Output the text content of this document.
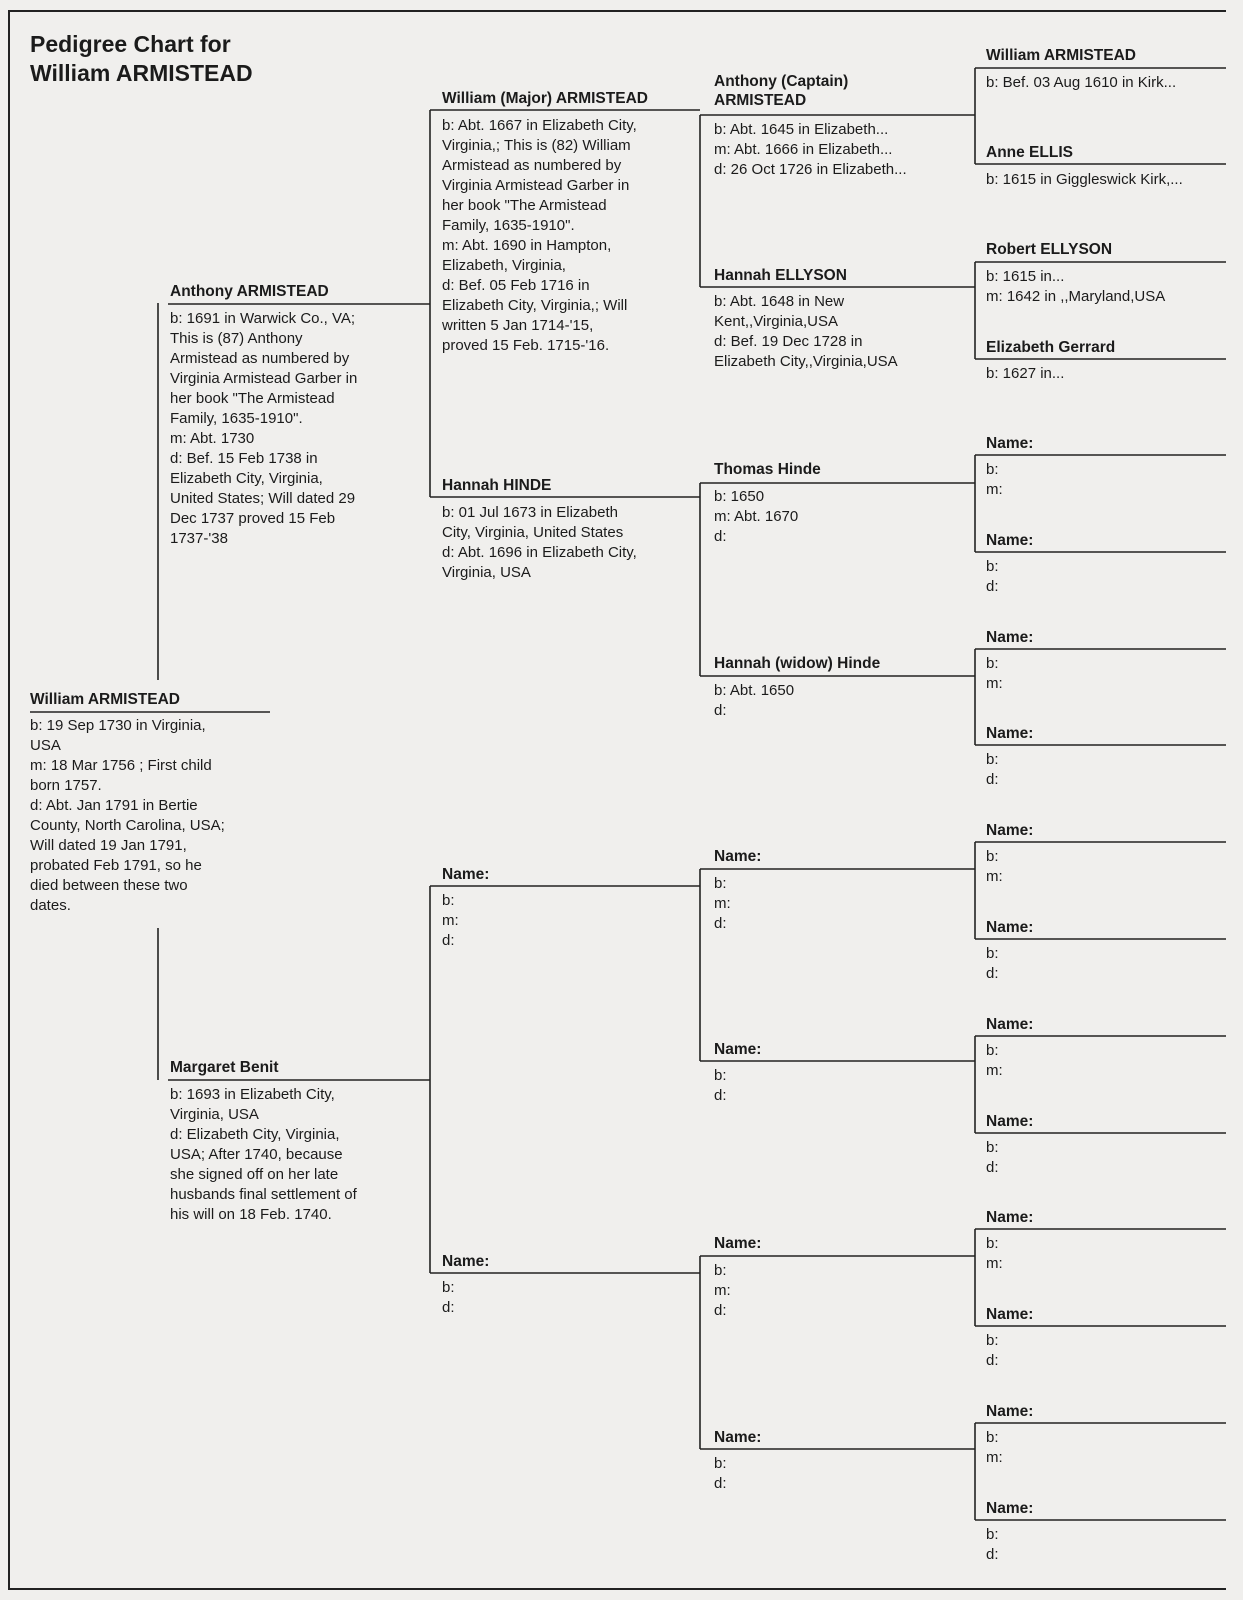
Pedigree Chart for
William ARMISTEAD
William ARMISTEAD
b: 19 Sep 1730 in Virginia,
USA
m: 18 Mar 1756 ; First child
born 1757.
d: Abt. Jan 1791 in Bertie
County, North Carolina, USA;
Will dated 19 Jan 1791,
probated Feb 1791, so he
died between these two
dates.
Anthony ARMISTEAD
b: 1691 in Warwick Co., VA;
This is (87) Anthony
Armistead as numbered by
Virginia Armistead Garber in
her book "The Armistead
Family, 1635-1910".
m: Abt. 1730
d: Bef. 15 Feb 1738 in
Elizabeth City, Virginia,
United States; Will dated 29
Dec 1737 proved 15 Feb
1737-'38
Margaret Benit
b: 1693 in Elizabeth City,
Virginia, USA
d: Elizabeth City, Virginia,
USA; After 1740, because
she signed off on her late
husbands final settlement of
his will on 18 Feb. 1740.
William (Major) ARMISTEAD
b: Abt. 1667 in Elizabeth City,
Virginia,; This is (82) William
Armistead as numbered by
Virginia Armistead Garber in
her book "The Armistead
Family, 1635-1910".
m: Abt. 1690 in Hampton,
Elizabeth, Virginia,
d: Bef. 05 Feb 1716 in
Elizabeth City, Virginia,; Will
written 5 Jan 1714-'15,
proved 15 Feb. 1715-'16.
Hannah HINDE
b: 01 Jul 1673 in Elizabeth
City, Virginia, United States
d: Abt. 1696 in Elizabeth City,
Virginia, USA
Name:
b:
m:
d:
Name:
b:
d:
Anthony (Captain)
ARMISTEAD
b: Abt. 1645 in Elizabeth...
m: Abt. 1666 in Elizabeth...
d: 26 Oct 1726 in Elizabeth...
Hannah ELLYSON
b: Abt. 1648 in New
Kent,,Virginia,USA
d: Bef. 19 Dec 1728 in
Elizabeth City,,Virginia,USA
Thomas Hinde
b: 1650
m: Abt. 1670
d:
Hannah (widow) Hinde
b: Abt. 1650
d:
Name:
b:
m:
d:
Name:
b:
d:
Name:
b:
m:
d:
Name:
b:
d:
William ARMISTEAD
b: Bef. 03 Aug 1610 in Kirk...
Anne ELLIS
b: 1615 in Giggleswick Kirk,...
Robert ELLYSON
b: 1615 in...
m: 1642 in ,,Maryland,USA
Elizabeth Gerrard
b: 1627 in...
Name:
b:
m:
Name:
b:
d:
Name:
b:
m:
Name:
b:
d:
Name:
b:
m:
Name:
b:
d:
Name:
b:
m:
Name:
b:
d:
Name:
b:
m:
Name:
b:
d:
Name:
b:
m:
Name:
b:
d:
